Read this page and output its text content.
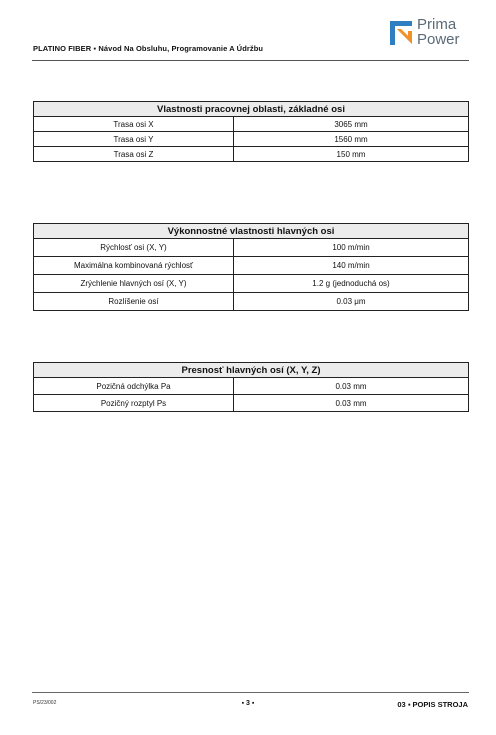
PLATINO FIBER ▪ Návod Na Obsluhu, Programovanie A Údržbu
Prima
Power
Vlastnosti pracovnej oblasti, základné osi	
Trasa osi X	3065 mm
Trasa osi Y	1560 mm
Trasa osi Z	150 mm
Výkonnostné vlastnosti hlavných osi	
Rýchlosť osi (X, Y)	100 m/min
Maximálna kombinovaná rýchlosť	140 m/min
Zrýchlenie hlavných osí (X, Y)	1.2 g (jednoduchá os)
Rozlíšenie osí	0.03 μm
Presnosť hlavných osí (X, Y, Z)	
Pozičná odchýlka Pa	0.03 mm
Pozičný rozptyl Ps	0.03 mm
PS/23/002	▪ 3 ▪	03 ▪ POPIS STROJA
